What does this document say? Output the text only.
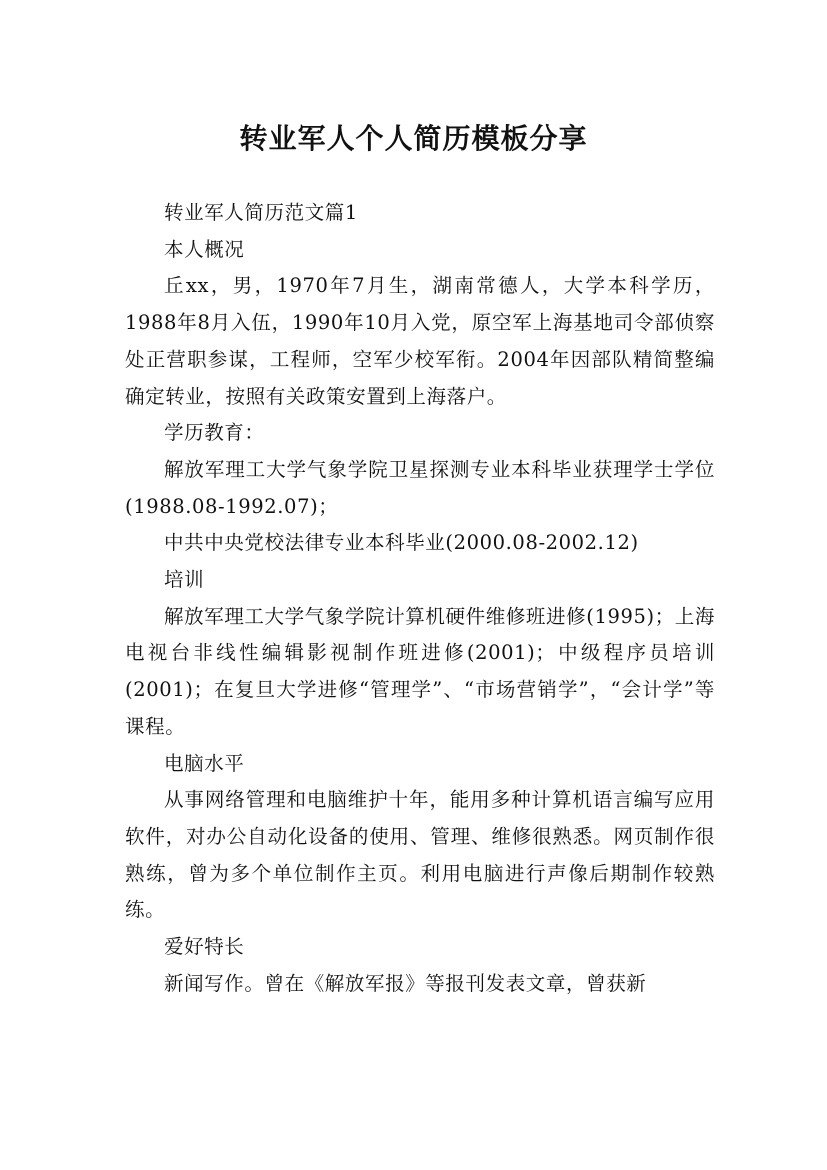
转业军人个人简历模板分享

转业军人简历范文篇1

本人概况

丘xx，男，1970年7月生，湖南常德人，大学本科学历，1988年8月入伍，1990年10月入党，原空军上海基地司令部侦察处正营职参谋，工程师，空军少校军衔。2004年因部队精简整编确定转业，按照有关政策安置到上海落户。

学历教育：

解放军理工大学气象学院卫星探测专业本科毕业获理学士学位(1988.08-1992.07)；

中共中央党校法律专业本科毕业(2000.08-2002.12)

培训

解放军理工大学气象学院计算机硬件维修班进修(1995)；上海电视台非线性编辑影视制作班进修(2001)；中级程序员培训 (2001)；在复旦大学进修“管理学”、“市场营销学”，“会计学”等课程。

电脑水平

从事网络管理和电脑维护十年，能用多种计算机语言编写应用软件，对办公自动化设备的使用、管理、维修很熟悉。网页制作很熟练，曾为多个单位制作主页。利用电脑进行声像后期制作较熟练。

爱好特长

新闻写作。曾在《解放军报》等报刊发表文章，曾获新
